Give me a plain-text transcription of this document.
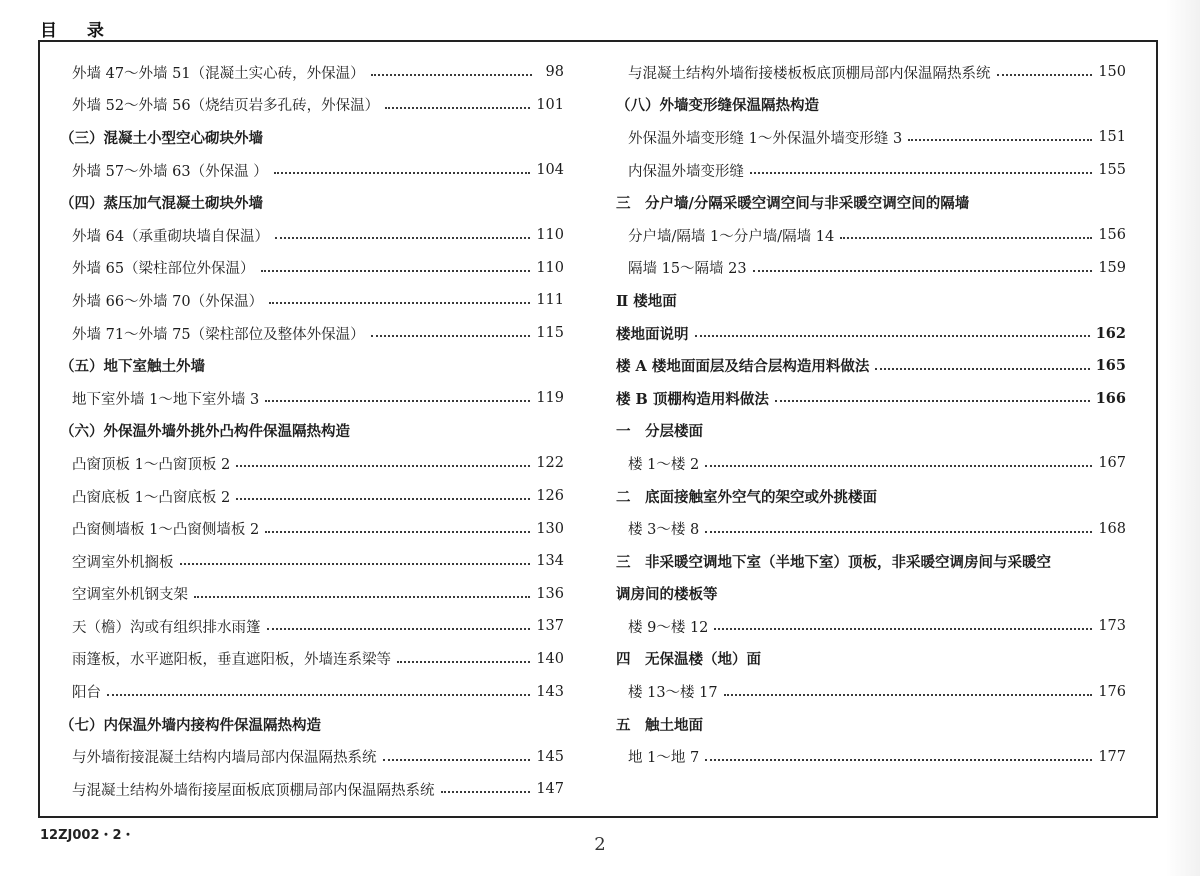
目 录
外墙 47～外墙 51（混凝土实心砖，外保温）	98
外墙 52～外墙 56（烧结页岩多孔砖，外保温）	101
（三）混凝土小型空心砌块外墙
外墙 57～外墙 63（外保温 ）	104
（四）蒸压加气混凝土砌块外墙
外墙 64（承重砌块墙自保温）	110
外墙 65（梁柱部位外保温）	110
外墙 66～外墙 70（外保温）	111
外墙 71～外墙 75（梁柱部位及整体外保温）	115
（五）地下室触土外墙
地下室外墙 1～地下室外墙 3	119
（六）外保温外墙外挑外凸构件保温隔热构造
凸窗顶板 1～凸窗顶板 2	122
凸窗底板 1～凸窗底板 2	126
凸窗侧墙板 1～凸窗侧墙板 2	130
空调室外机搁板	134
空调室外机钢支架	136
天（檐）沟或有组织排水雨篷	137
雨篷板，水平遮阳板，垂直遮阳板，外墙连系梁等	140
阳台	143
（七）内保温外墙内接构件保温隔热构造
与外墙衔接混凝土结构内墙局部内保温隔热系统	145
与混凝土结构外墙衔接屋面板底顶棚局部内保温隔热系统	147
与混凝土结构外墙衔接楼板板底顶棚局部内保温隔热系统	150
（八）外墙变形缝保温隔热构造
外保温外墙变形缝 1～外保温外墙变形缝 3	151
内保温外墙变形缝	155
三　分户墙/分隔采暖空调空间与非采暖空调空间的隔墙
分户墙/隔墙 1～分户墙/隔墙 14	156
隔墙 15～隔墙 23	159
Ⅱ 楼地面
楼地面说明	162
楼 A 楼地面面层及结合层构造用料做法	165
楼 B 顶棚构造用料做法	166
一　分层楼面
楼 1～楼 2	167
二　底面接触室外空气的架空或外挑楼面
楼 3～楼 8	168
三　非采暖空调地下室（半地下室）顶板，非采暖空调房间与采暖空
调房间的楼板等
楼 9～楼 12	173
四　无保温楼（地）面
楼 13～楼 17	176
五　触土地面
地 1～地 7	177
12ZJ002・2・	2
